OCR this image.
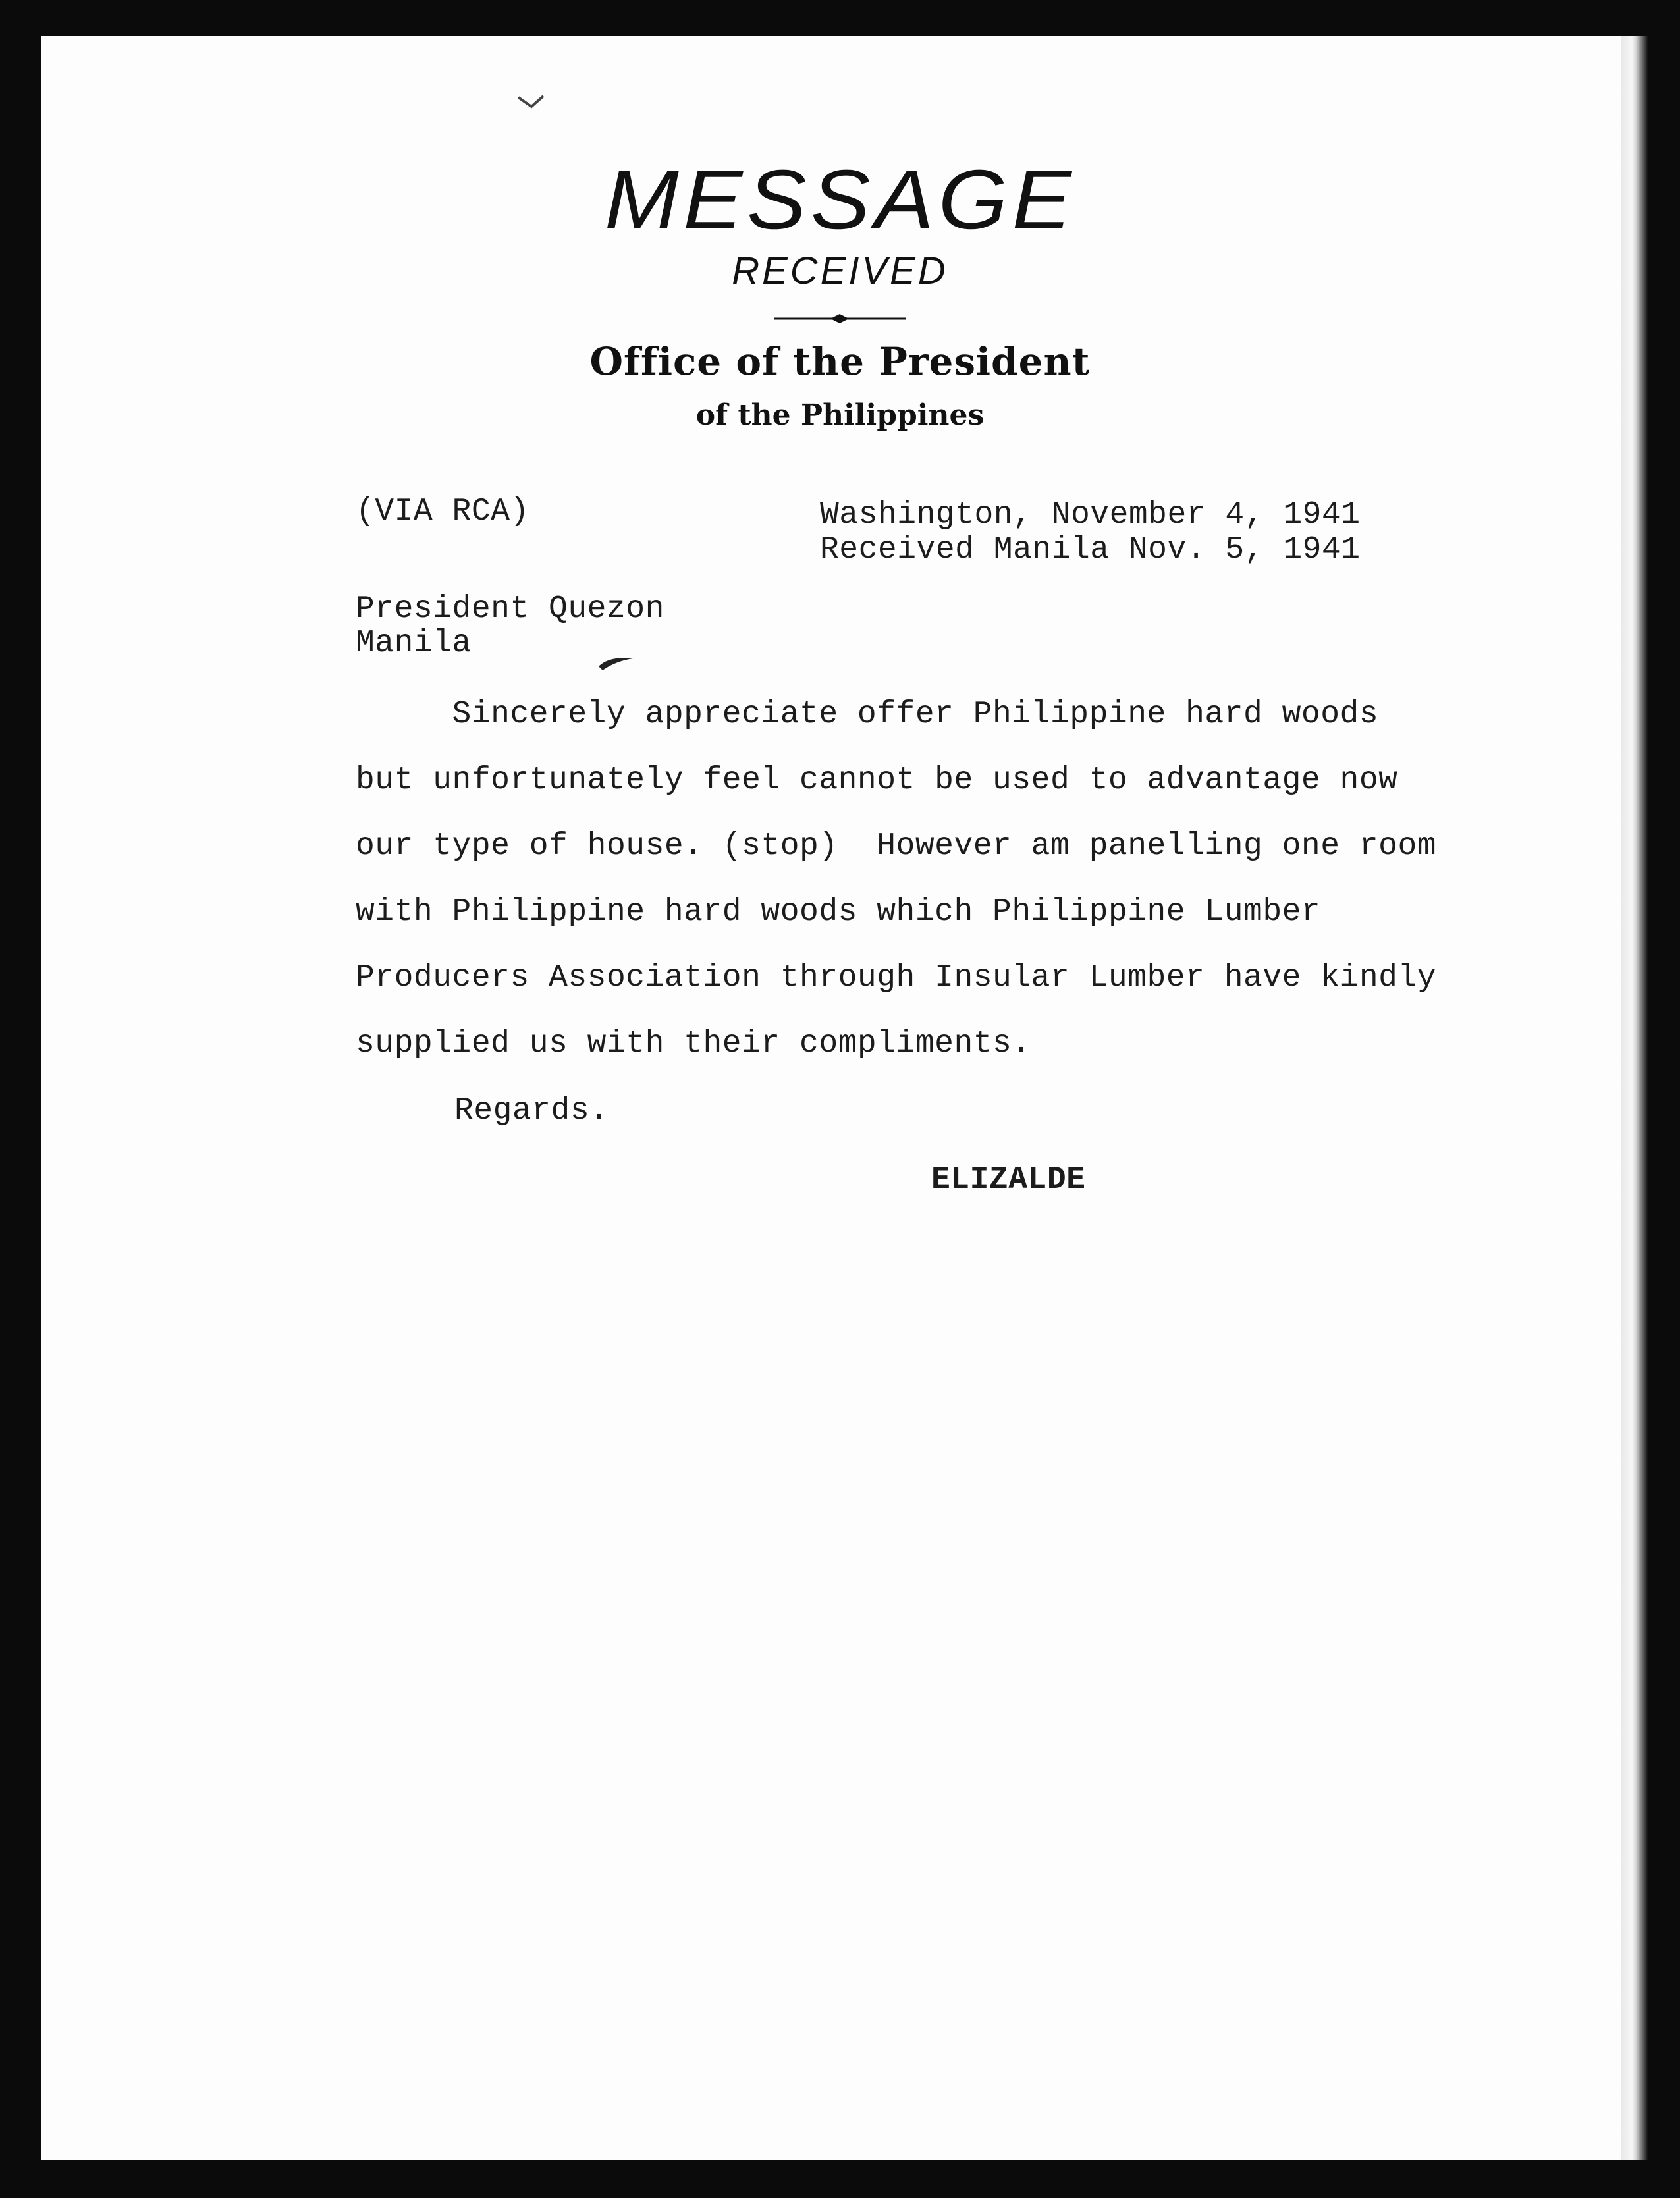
MESSAGE
RECEIVED
Office of the President
of the Philippines
(VIA RCA)	Washington, November 4, 1941
Received Manila Nov. 5, 1941
President Quezon
Manila
Sincerely appreciate offer Philippine hard woods
but unfortunately feel cannot be used to advantage now
our type of house. (stop)  However am panelling one room
with Philippine hard woods which Philippine Lumber
Producers Association through Insular Lumber have kindly
supplied us with their compliments.
Regards.
ELIZALDE
